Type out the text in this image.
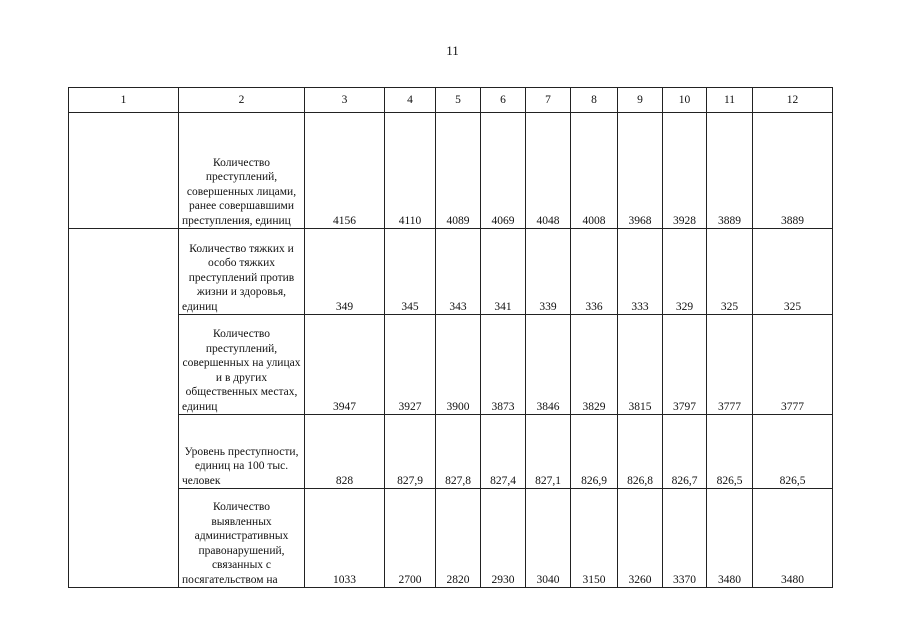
11
1	2	3	4	5	6	7	8	9	10	11	12
	Количество преступлений, совершенных лицами, ранее совершавшими преступления, единиц	4156	4110	4089	4069	4048	4008	3968	3928	3889	3889
	Количество тяжких и особо тяжких преступлений против жизни и здоровья, единиц	349	345	343	341	339	336	333	329	325	325
	Количество преступлений, совершенных на улицах и в других общественных местах, единиц	3947	3927	3900	3873	3846	3829	3815	3797	3777	3777
	Уровень преступности, единиц на 100 тыс. человек	828	827,9	827,8	827,4	827,1	826,9	826,8	826,7	826,5	826,5
	Количество выявленных административных правонарушений, связанных с посягательством на	1033	2700	2820	2930	3040	3150	3260	3370	3480	3480
